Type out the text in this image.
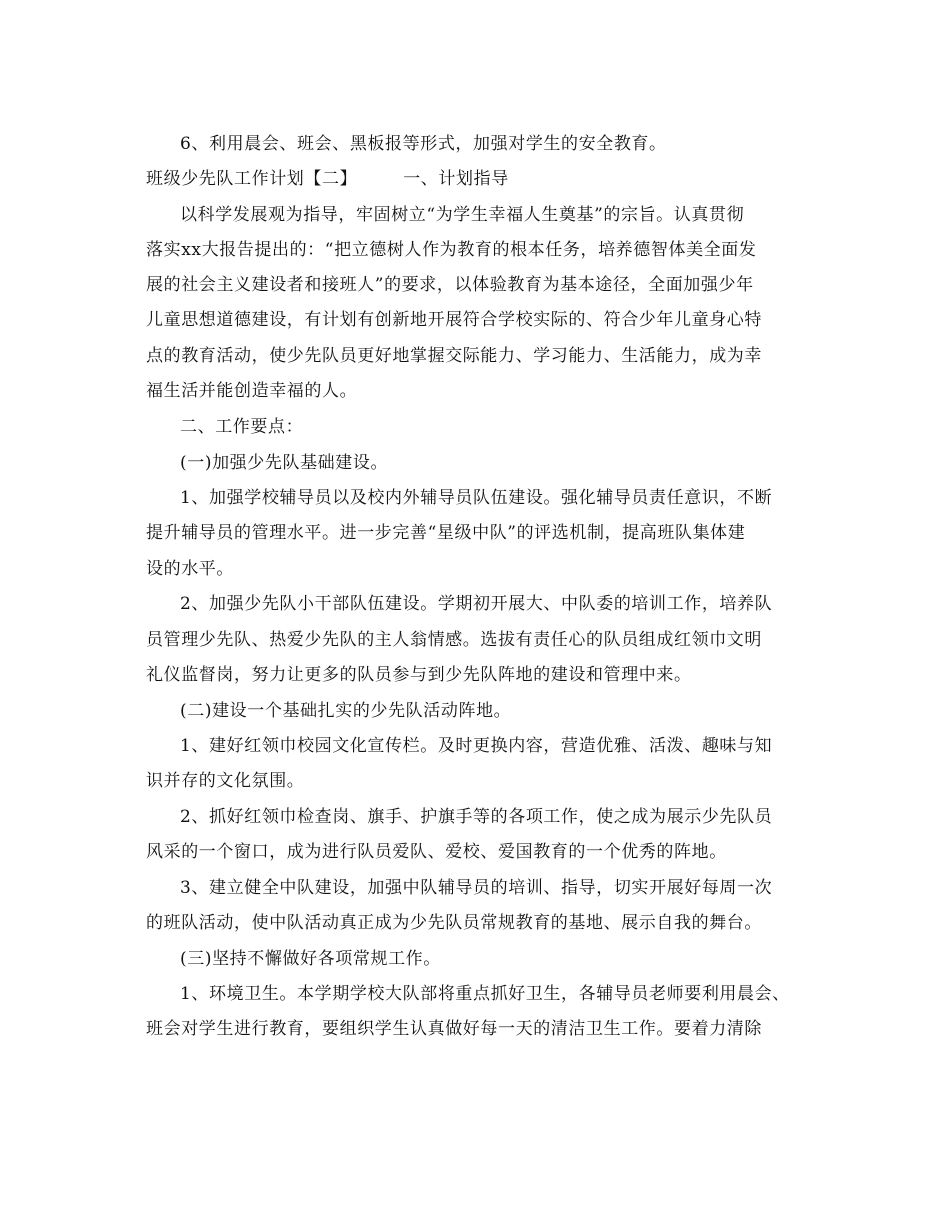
6、利用晨会、班会、黑板报等形式，加强对学生的安全教育。
班级少先队工作计划【二】	一、计划指导
以科学发展观为指导，牢固树立“为学生幸福人生奠基”的宗旨。认真贯彻
落实xx大报告提出的：“把立德树人作为教育的根本任务，培养德智体美全面发
展的社会主义建设者和接班人”的要求，以体验教育为基本途径，全面加强少年
儿童思想道德建设，有计划有创新地开展符合学校实际的、符合少年儿童身心特
点的教育活动，使少先队员更好地掌握交际能力、学习能力、生活能力，成为幸
福生活并能创造幸福的人。
二、工作要点：
(一)加强少先队基础建设。
1、加强学校辅导员以及校内外辅导员队伍建设。强化辅导员责任意识，不断
提升辅导员的管理水平。进一步完善“星级中队”的评选机制，提高班队集体建
设的水平。
2、加强少先队小干部队伍建设。学期初开展大、中队委的培训工作，培养队
员管理少先队、热爱少先队的主人翁情感。选拔有责任心的队员组成红领巾文明
礼仪监督岗，努力让更多的队员参与到少先队阵地的建设和管理中来。
(二)建设一个基础扎实的少先队活动阵地。
1、建好红领巾校园文化宣传栏。及时更换内容，营造优雅、活泼、趣味与知
识并存的文化氛围。
2、抓好红领巾检查岗、旗手、护旗手等的各项工作，使之成为展示少先队员
风采的一个窗口，成为进行队员爱队、爱校、爱国教育的一个优秀的阵地。
3、建立健全中队建设，加强中队辅导员的培训、指导，切实开展好每周一次
的班队活动，使中队活动真正成为少先队员常规教育的基地、展示自我的舞台。
(三)坚持不懈做好各项常规工作。
1、环境卫生。本学期学校大队部将重点抓好卫生，各辅导员老师要利用晨会、
班会对学生进行教育，要组织学生认真做好每一天的清洁卫生工作。要着力清除
